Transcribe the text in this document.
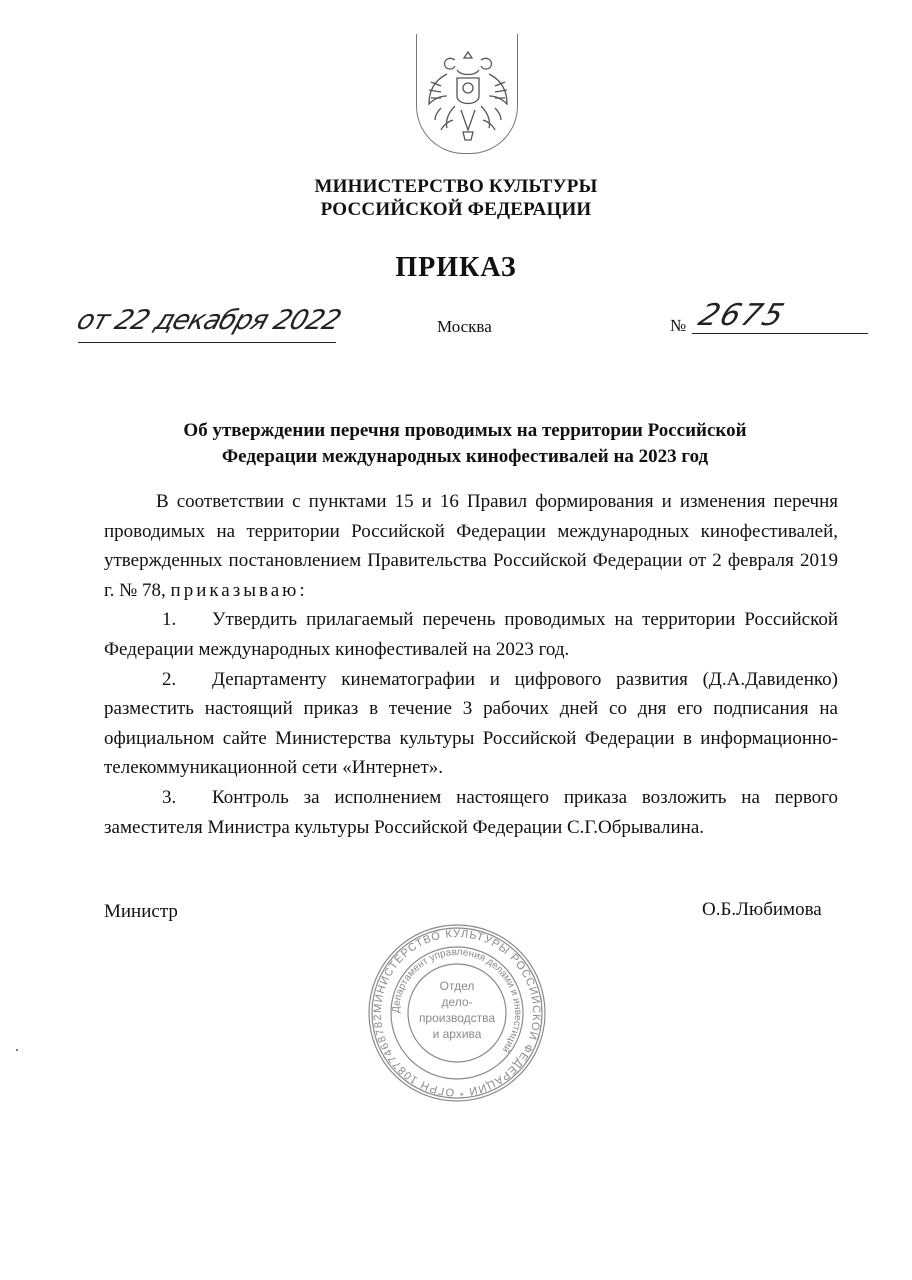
МИНИСТЕРСТВО КУЛЬТУРЫ
РОССИЙСКОЙ ФЕДЕРАЦИИ
ПРИКАЗ
от 22 декабря 2022	Москва	№ 2675
Об утверждении перечня проводимых на территории Российской
Федерации международных кинофестивалей на 2023 год

В соответствии с пунктами 15 и 16 Правил формирования и изменения перечня проводимых на территории Российской Федерации международных кинофестивалей, утвержденных постановлением Правительства Российской Федерации от 2 февраля 2019 г. № 78, приказываю:

1. Утвердить прилагаемый перечень проводимых на территории Российской Федерации международных кинофестивалей на 2023 год.

2. Департаменту кинематографии и цифрового развития (Д.А.Давиденко) разместить настоящий приказ в течение 3 рабочих дней со дня его подписания на официальном сайте Министерства культуры Российской Федерации в информационно-телекоммуникационной сети «Интернет».

3. Контроль за исполнением настоящего приказа возложить на первого заместителя Министра культуры Российской Федерации С.Г.Обрывалина.

Министр	О.Б.Любимова
МИНИСТЕРСТВО КУЛЬТУРЫ РОССИЙСКОЙ ФЕДЕРАЦИИ * ОГРН 10877468782
Департамент управления делами и инвестиций
Отдел
дело-
производства
и архива
